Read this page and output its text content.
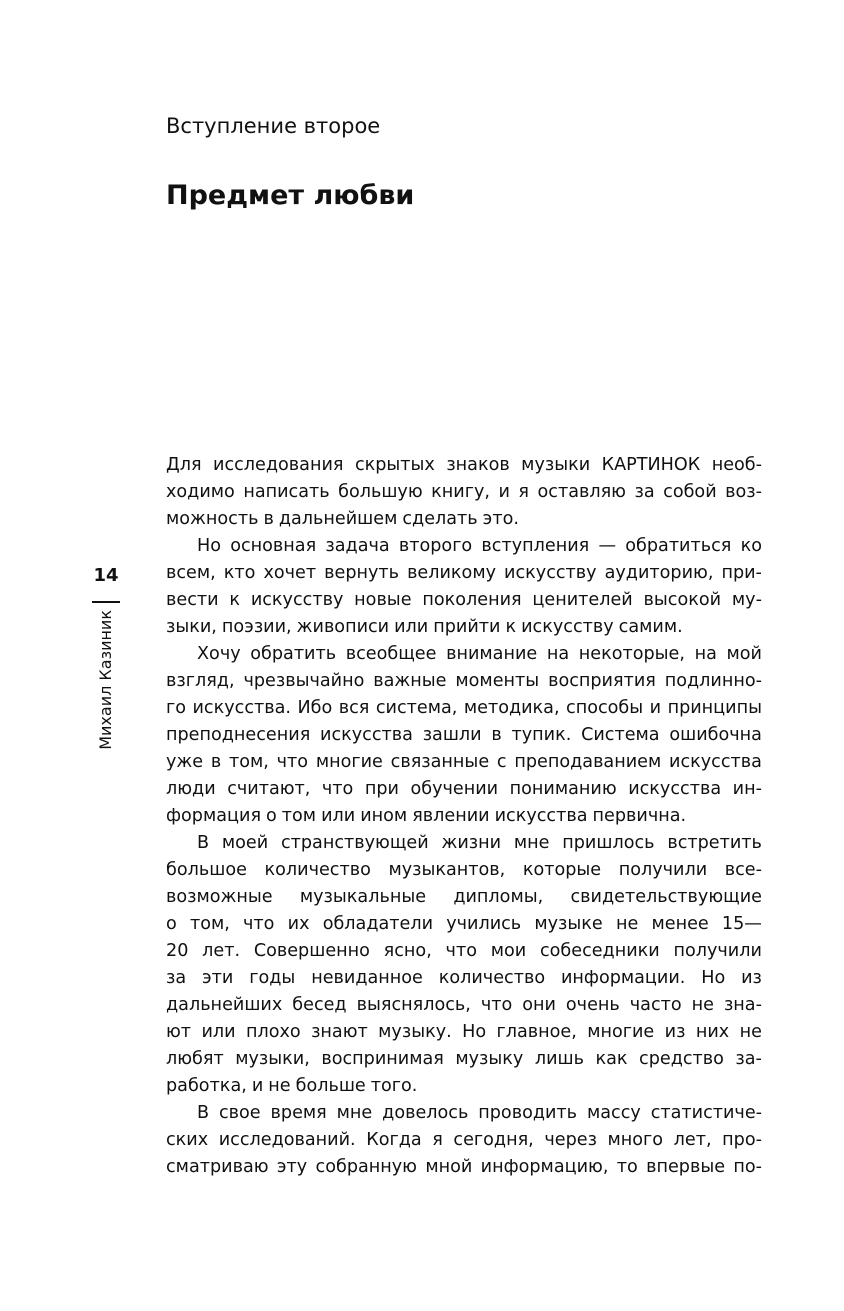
Вступление второе
Предмет любви
14
Михаил Казиник
Для исследования скрытых знаков музыки КАРТИНОК необ-
ходимо написать большую книгу, и я оставляю за собой воз-
можность в дальнейшем сделать это.
Но основная задача второго вступления — обратиться ко
всем, кто хочет вернуть великому искусству аудиторию, при-
вести к искусству новые поколения ценителей высокой му-
зыки, поэзии, живописи или прийти к искусству самим.
Хочу обратить всеобщее внимание на некоторые, на мой
взгляд, чрезвычайно важные моменты восприятия подлинно-
го искусства. Ибо вся система, методика, способы и принципы
преподнесения искусства зашли в тупик. Система ошибочна
уже в том, что многие связанные с преподаванием искусства
люди считают, что при обучении пониманию искусства ин-
формация о том или ином явлении искусства первична.
В моей странствующей жизни мне пришлось встретить
большое количество музыкантов, которые получили все-
возможные музыкальные дипломы, свидетельствующие
о том, что их обладатели учились музыке не менее 15—
20 лет. Совершенно ясно, что мои собеседники получили
за эти годы невиданное количество информации. Но из
дальнейших бесед выяснялось, что они очень часто не зна-
ют или плохо знают музыку. Но главное, многие из них не
любят музыки, воспринимая музыку лишь как средство за-
работка, и не больше того.
В свое время мне довелось проводить массу статистиче-
ских исследований. Когда я сегодня, через много лет, про-
сматриваю эту собранную мной информацию, то впервые по-
